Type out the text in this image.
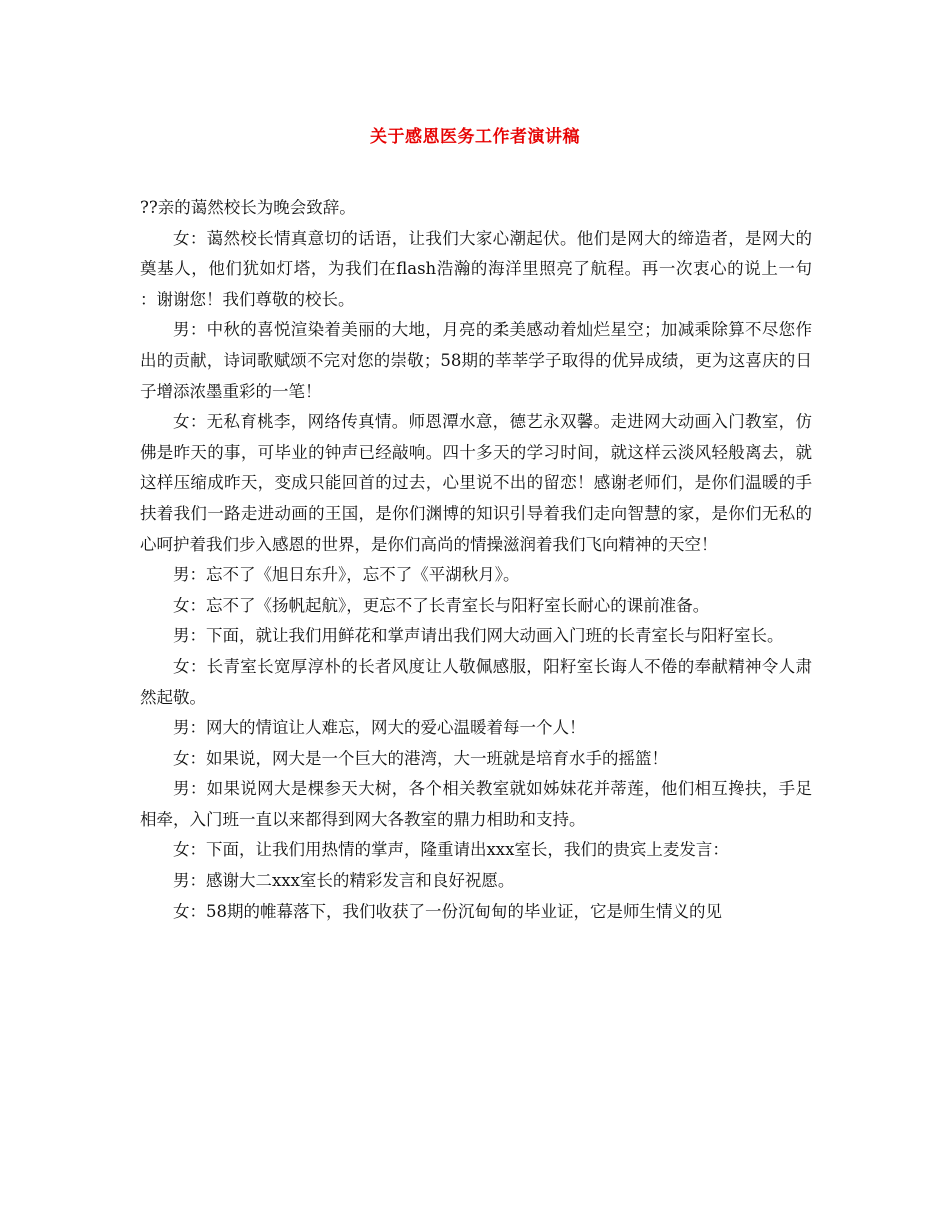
关于感恩医务工作者演讲稿

??亲的蔼然校长为晚会致辞。

女：蔼然校长情真意切的话语，让我们大家心潮起伏。他们是网大的缔造者，是网大的奠基人，他们犹如灯塔，为我们在flash浩瀚的海洋里照亮了航程。再一次衷心的说上一句 ：谢谢您！我们尊敬的校长。

男：中秋的喜悦渲染着美丽的大地，月亮的柔美感动着灿烂星空；加减乘除算不尽您作出的贡献，诗词歌赋颂不完对您的崇敬；58期的莘莘学子取得的优异成绩，更为这喜庆的日子增添浓墨重彩的一笔！

女：无私育桃李，网络传真情。师恩潭水意，德艺永双馨。走进网大动画入门教室，仿佛是昨天的事，可毕业的钟声已经敲响。四十多天的学习时间，就这样云淡风轻般离去，就这样压缩成昨天，变成只能回首的过去，心里说不出的留恋！感谢老师们，是你们温暖的手扶着我们一路走进动画的王国，是你们渊博的知识引导着我们走向智慧的家，是你们无私的心呵护着我们步入感恩的世界，是你们高尚的情操滋润着我们飞向精神的天空！

男：忘不了《旭日东升》，忘不了《平湖秋月》。

女：忘不了《扬帆起航》，更忘不了长青室长与阳籽室长耐心的课前准备。

男：下面，就让我们用鲜花和掌声请出我们网大动画入门班的长青室长与阳籽室长。

女：长青室长宽厚淳朴的长者风度让人敬佩感服，阳籽室长诲人不倦的奉献精神令人肃然起敬。

男：网大的情谊让人难忘，网大的爱心温暖着每一个人！

女：如果说，网大是一个巨大的港湾，大一班就是培育水手的摇篮！

男：如果说网大是棵参天大树，各个相关教室就如姊妹花并蒂莲，他们相互搀扶，手足相牵，入门班一直以来都得到网大各教室的鼎力相助和支持。

女：下面，让我们用热情的掌声，隆重请出xxx室长，我们的贵宾上麦发言：

男：感谢大二xxx室长的精彩发言和良好祝愿。

女：58期的帷幕落下，我们收获了一份沉甸甸的毕业证，它是师生情义的见
